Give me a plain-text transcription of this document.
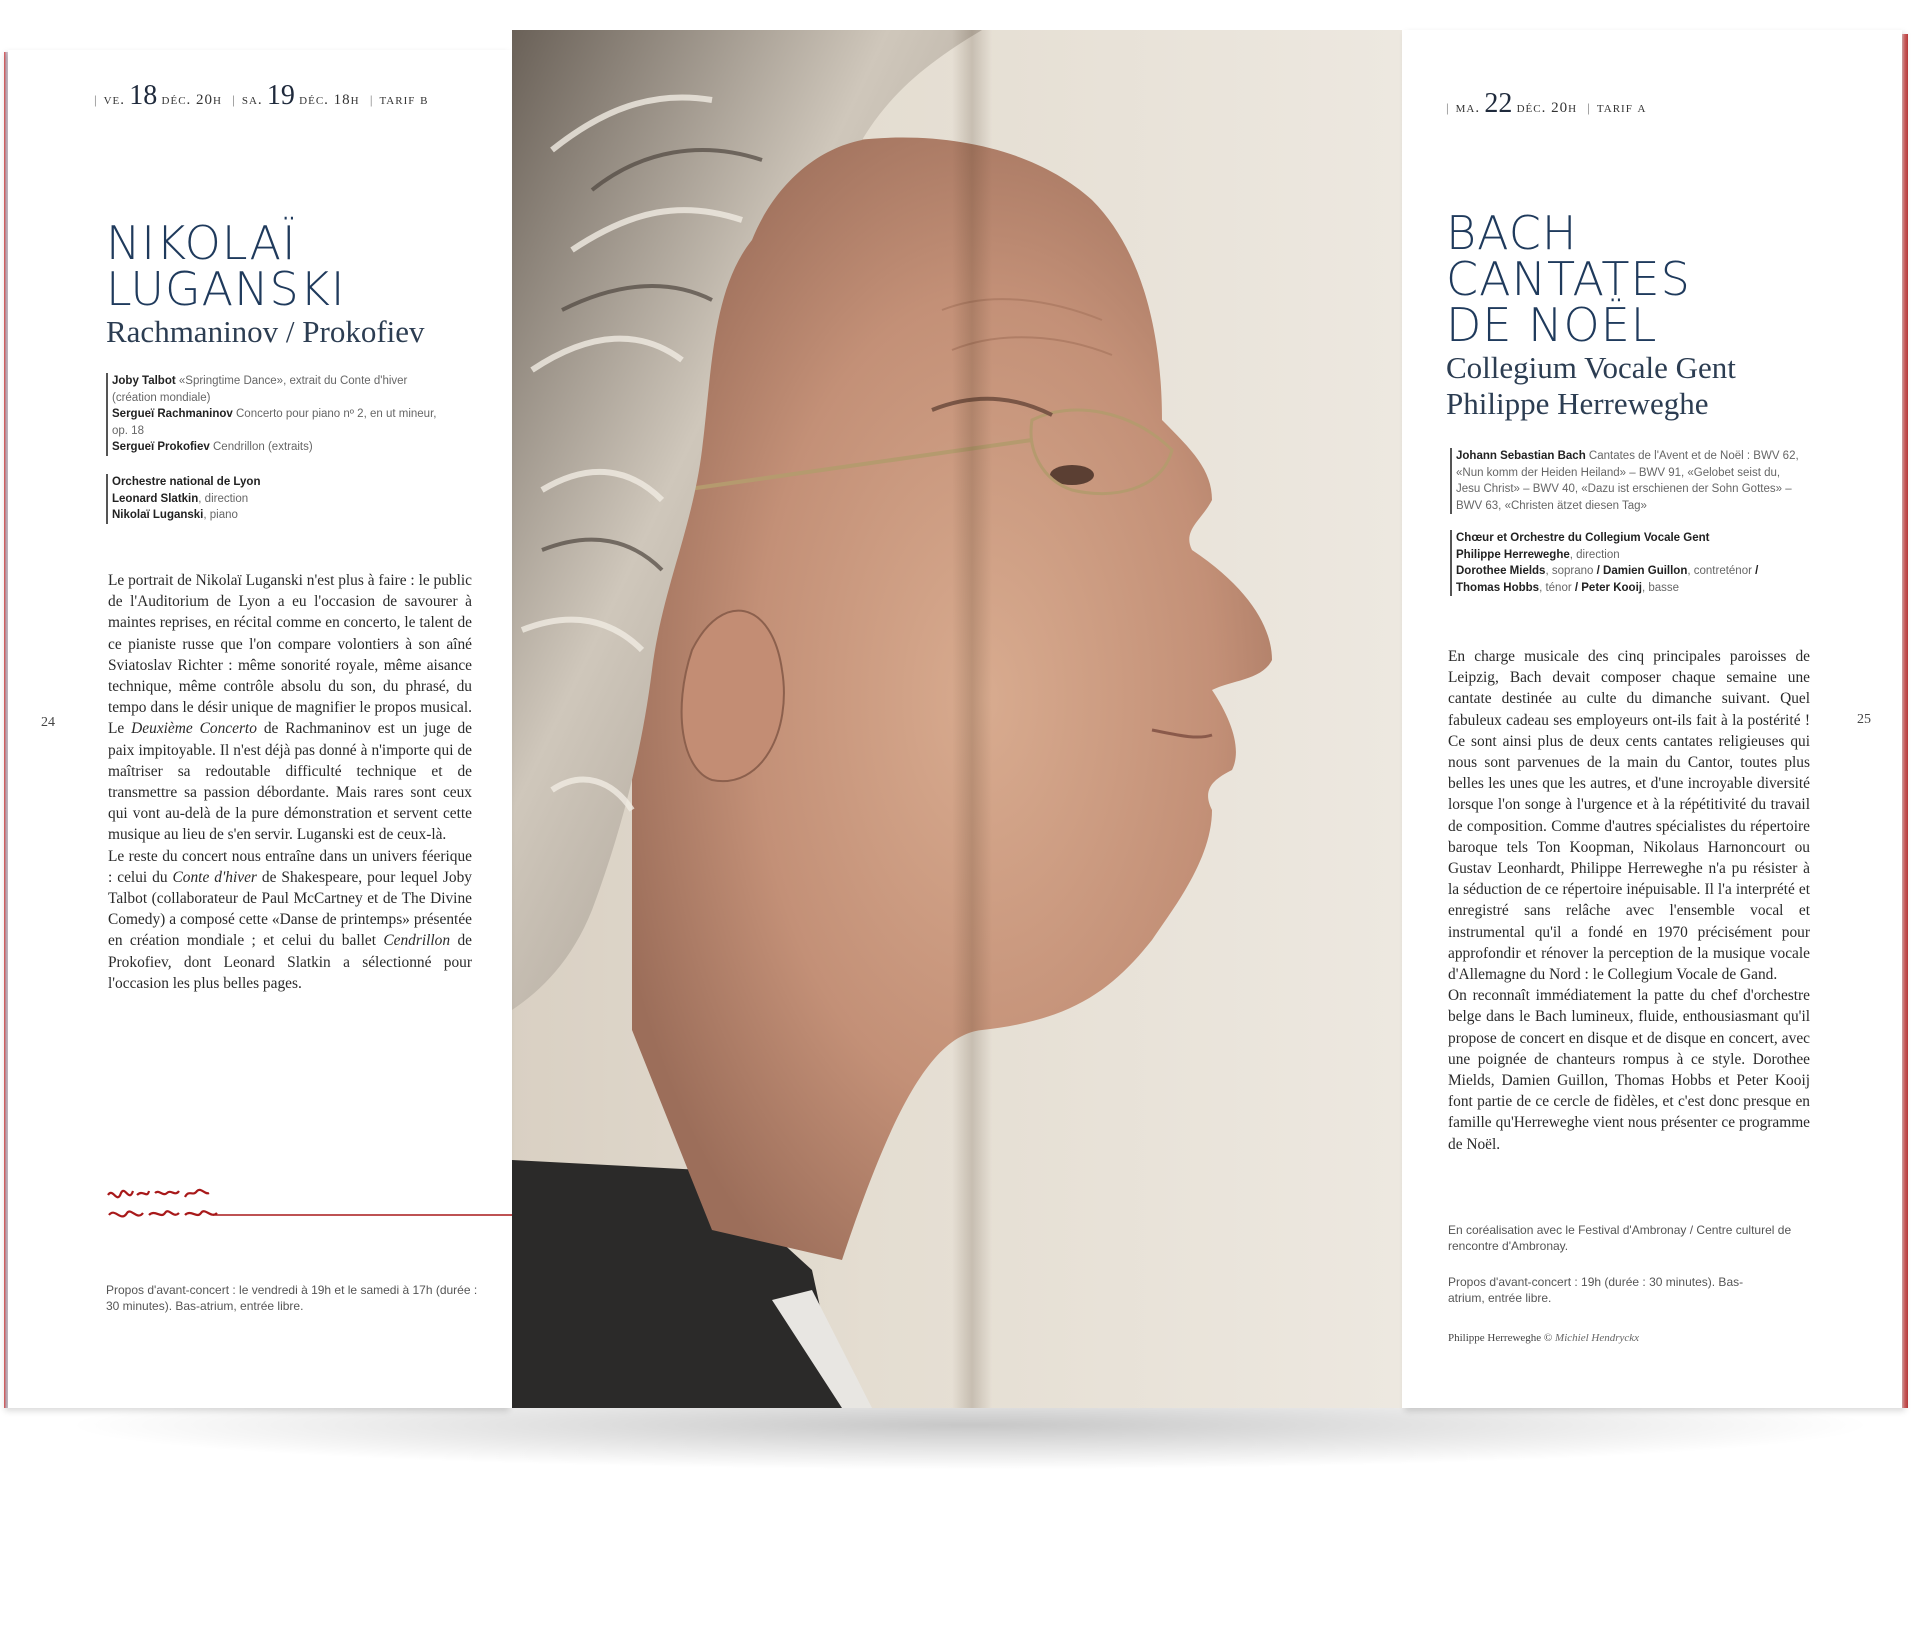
| ve. 18 déc. 20h | sa. 19 déc. 18h | tarif b
NIKOLAÏ
LUGANSKI
Rachmaninov / Prokofiev
Joby Talbot «Springtime Dance», extrait du Conte d'hiver (création mondiale)
Sergueï Rachmaninov Concerto pour piano nº 2, en ut mineur, op. 18
Sergueï Prokofiev Cendrillon (extraits)
Orchestre national de Lyon
Leonard Slatkin, direction
Nikolaï Luganski, piano

Le portrait de Nikolaï Luganski n'est plus à faire : le public de l'Auditorium de Lyon a eu l'occasion de savourer à maintes reprises, en récital comme en concerto, le talent de ce pianiste russe que l'on compare volontiers à son aîné Sviatoslav Richter : même sonorité royale, même aisance technique, même contrôle absolu du son, du phrasé, du tempo dans le désir unique de magnifier le propos musical. Le Deuxième Concerto de Rachmaninov est un juge de paix impitoyable. Il n'est déjà pas donné à n'importe qui de maîtriser sa redoutable difficulté technique et de transmettre sa passion débordante. Mais rares sont ceux qui vont au-delà de la pure démonstration et servent cette musique au lieu de s'en servir. Luganski est de ceux-là.

Le reste du concert nous entraîne dans un univers féerique : celui du Conte d'hiver de Shakespeare, pour lequel Joby Talbot (collaborateur de Paul McCartney et de The Divine Comedy) a composé cette «Danse de printemps» présentée en création mondiale ; et celui du ballet Cendrillon de Prokofiev, dont Leonard Slatkin a sélectionné pour l'occasion les plus belles pages.

24
Propos d'avant-concert : le vendredi à 19h et le samedi à 17h (durée : 30 minutes). Bas-atrium, entrée libre.
| ma. 22 déc. 20h | tarif a
BACH
CANTATES
DE NOËL
Collegium Vocale Gent
Philippe Herreweghe
Johann Sebastian Bach Cantates de l'Avent et de Noël : BWV 62, «Nun komm der Heiden Heiland» – BWV 91, «Gelobet seist du, Jesu Christ» – BWV 40, «Dazu ist erschienen der Sohn Gottes» – BWV 63, «Christen ätzet diesen Tag»
Chœur et Orchestre du Collegium Vocale Gent
Philippe Herreweghe, direction
Dorothee Mields, soprano / Damien Guillon, contreténor /
Thomas Hobbs, ténor / Peter Kooij, basse

En charge musicale des cinq principales paroisses de Leipzig, Bach devait composer chaque semaine une cantate destinée au culte du dimanche suivant. Quel fabuleux cadeau ses employeurs ont-ils fait à la postérité ! Ce sont ainsi plus de deux cents cantates religieuses qui nous sont parvenues de la main du Cantor, toutes plus belles les unes que les autres, et d'une incroyable diversité lorsque l'on songe à l'urgence et à la répétitivité du travail de composition. Comme d'autres spécialistes du répertoire baroque tels Ton Koopman, Nikolaus Harnoncourt ou Gustav Leonhardt, Philippe Herreweghe n'a pu résister à la séduction de ce répertoire inépuisable. Il l'a interprété et enregistré sans relâche avec l'ensemble vocal et instrumental qu'il a fondé en 1970 précisément pour approfondir et rénover la perception de la musique vocale d'Allemagne du Nord : le Collegium Vocale de Gand.

On reconnaît immédiatement la patte du chef d'orchestre belge dans le Bach lumineux, fluide, enthousiasmant qu'il propose de concert en disque et de disque en concert, avec une poignée de chanteurs rompus à ce style. Dorothee Mields, Damien Guillon, Thomas Hobbs et Peter Kooij font partie de ce cercle de fidèles, et c'est donc presque en famille qu'Herreweghe vient nous présenter ce programme de Noël.

En coréalisation avec le Festival d'Ambronay / Centre culturel de rencontre d'Ambronay.
Propos d'avant-concert : 19h (durée : 30 minutes). Bas-atrium, entrée libre.
Philippe Herreweghe © Michiel Hendryckx
25
